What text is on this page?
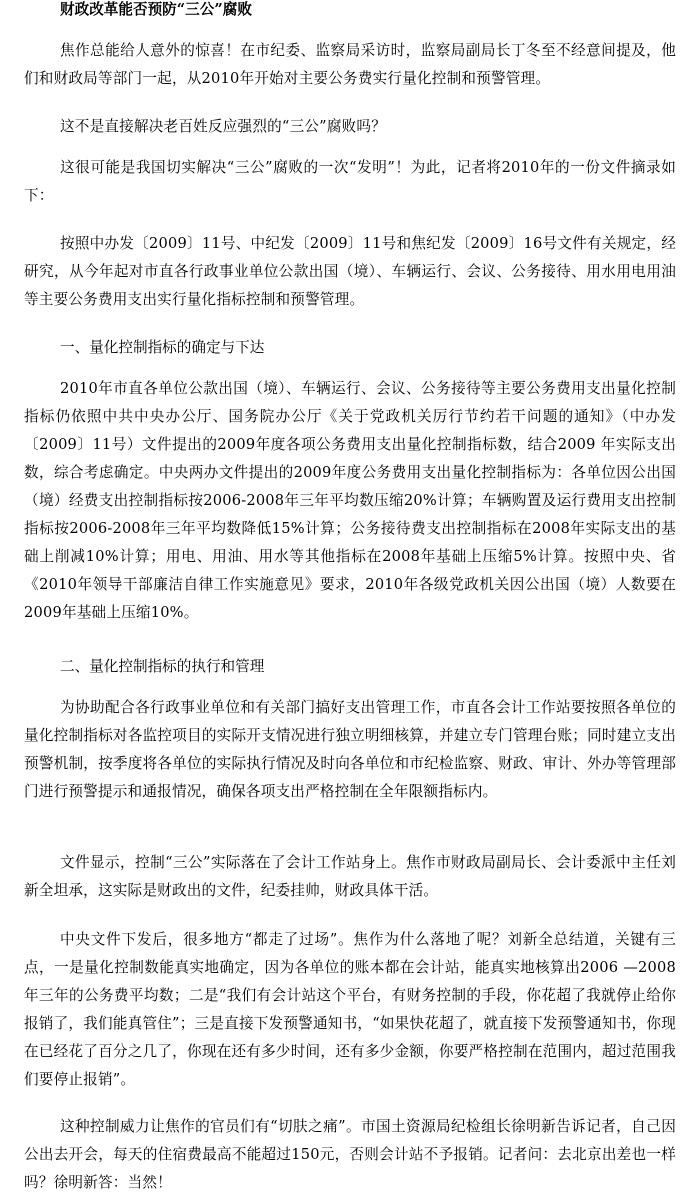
财政改革能否预防“三公”腐败

焦作总能给人意外的惊喜！在市纪委、监察局采访时，监察局副局长丁冬至不经意间提及，他们和财政局等部门一起，从2010年开始对主要公务费实行量化控制和预警管理。

这不是直接解决老百姓反应强烈的“三公”腐败吗？

这很可能是我国切实解决“三公”腐败的一次“发明”！为此，记者将2010年的一份文件摘录如下：

按照中办发〔2009〕11号、中纪发〔2009〕11号和焦纪发〔2009〕16号文件有关规定，经研究，从今年起对市直各行政事业单位公款出国（境）、车辆运行、会议、公务接待、用水用电用油等主要公务费用支出实行量化指标控制和预警管理。

一、量化控制指标的确定与下达

2010年市直各单位公款出国（境）、车辆运行、会议、公务接待等主要公务费用支出量化控制指标仍依照中共中央办公厅、国务院办公厅《关于党政机关厉行节约若干问题的通知》（中办发〔2009〕11号）文件提出的2009年度各项公务费用支出量化控制指标数，结合2009 年实际支出数，综合考虑确定。中央两办文件提出的2009年度公务费用支出量化控制指标为：各单位因公出国（境）经费支出控制指标按2006-2008年三年平均数压缩20%计算；车辆购置及运行费用支出控制指标按2006-2008年三年平均数降低15%计算；公务接待费支出控制指标在2008年实际支出的基础上削减10%计算；用电、用油、用水等其他指标在2008年基础上压缩5%计算。按照中央、省《2010年领导干部廉洁自律工作实施意见》要求，2010年各级党政机关因公出国（境）人数要在2009年基础上压缩10%。

二、量化控制指标的执行和管理

为协助配合各行政事业单位和有关部门搞好支出管理工作，市直各会计工作站要按照各单位的量化控制指标对各监控项目的实际开支情况进行独立明细核算，并建立专门管理台账；同时建立支出预警机制，按季度将各单位的实际执行情况及时向各单位和市纪检监察、财政、审计、外办等管理部门进行预警提示和通报情况，确保各项支出严格控制在全年限额指标内。

文件显示，控制“三公”实际落在了会计工作站身上。焦作市财政局副局长、会计委派中主任刘新全坦承，这实际是财政出的文件，纪委挂帅，财政具体干活。

中央文件下发后，很多地方“都走了过场”。焦作为什么落地了呢？刘新全总结道，关键有三点，一是量化控制数能真实地确定，因为各单位的账本都在会计站，能真实地核算出2006 —2008年三年的公务费平均数；二是“我们有会计站这个平台，有财务控制的手段，你花超了我就停止给你报销了，我们能真管住”；三是直接下发预警通知书，“如果快花超了，就直接下发预警通知书，你现在已经花了百分之几了，你现在还有多少时间，还有多少金额，你要严格控制在范围内，超过范围我们要停止报销”。

这种控制威力让焦作的官员们有“切肤之痛”。市国土资源局纪检组长徐明新告诉记者，自己因公出去开会，每天的住宿费最高不能超过150元，否则会计站不予报销。记者问：去北京出差也一样吗？徐明新答：当然！
